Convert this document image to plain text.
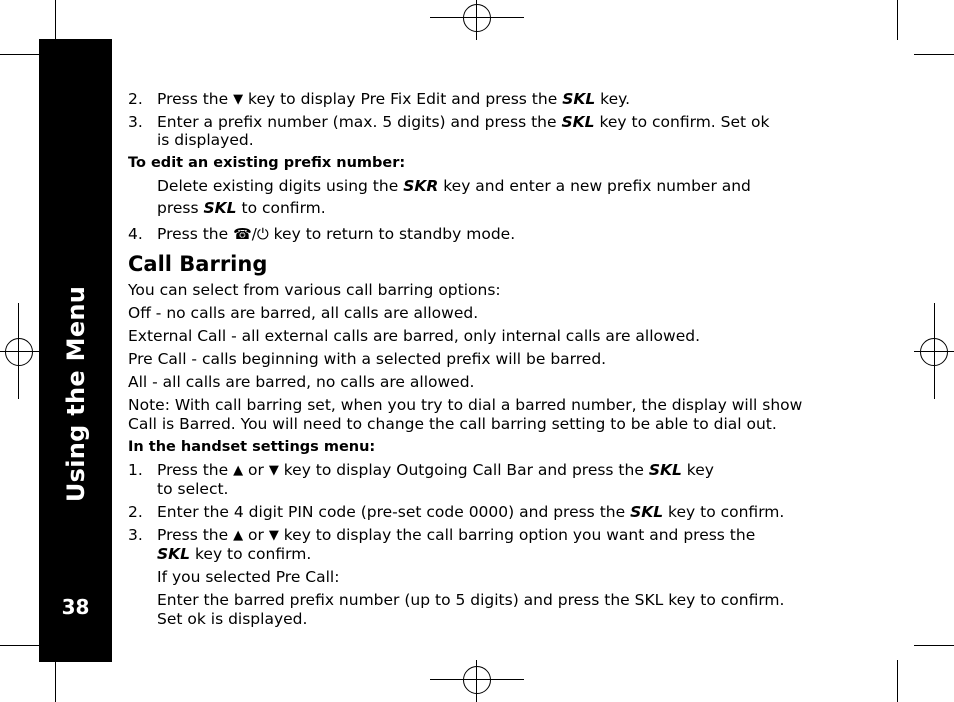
Using the Menu
38
2. Press the ▼ key to display Pre Fix Edit and press the SKL key.
3. Enter a prefix number (max. 5 digits) and press the SKL key to confirm. Set ok
is displayed.
To edit an existing prefix number:
Delete existing digits using the SKR key and enter a new prefix number and
press SKL to confirm.
4. Press the ☎/⏻ key to return to standby mode.
Call Barring
You can select from various call barring options:
Off - no calls are barred, all calls are allowed.
External Call - all external calls are barred, only internal calls are allowed.
Pre Call - calls beginning with a selected prefix will be barred.
All - all calls are barred, no calls are allowed.
Note: With call barring set, when you try to dial a barred number, the display will show
Call is Barred. You will need to change the call barring setting to be able to dial out.
In the handset settings menu:
1. Press the ▲ or ▼ key to display Outgoing Call Bar and press the SKL key
to select.
2. Enter the 4 digit PIN code (pre-set code 0000) and press the SKL key to confirm.
3. Press the ▲ or ▼ key to display the call barring option you want and press the
SKL key to confirm.
If you selected Pre Call:
Enter the barred prefix number (up to 5 digits) and press the SKL key to confirm.
Set ok is displayed.
